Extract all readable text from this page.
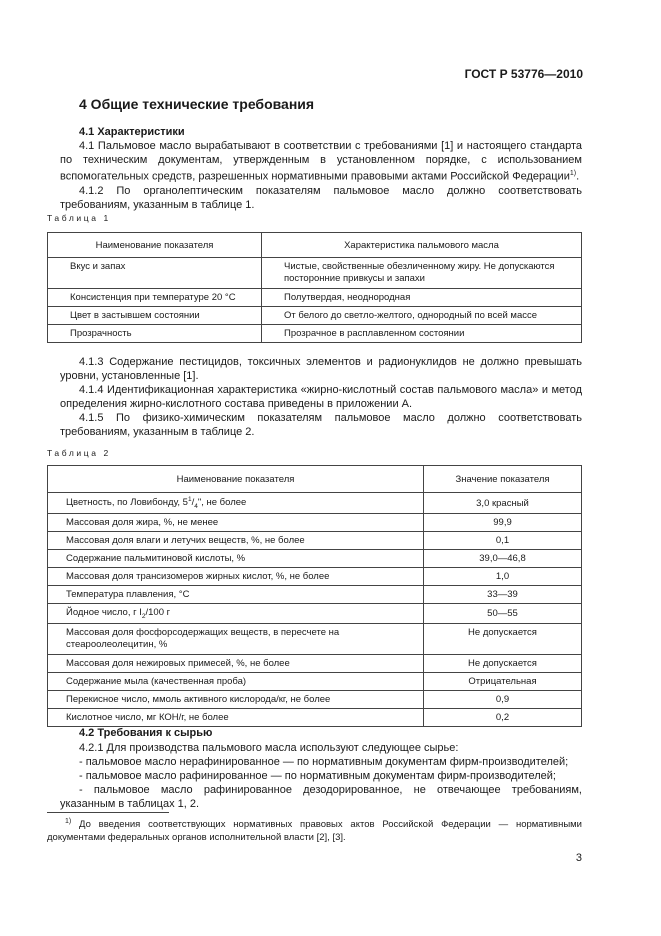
ГОСТ Р 53776—2010
4 Общие технические требования
4.1 Характеристики

4.1 Пальмовое масло вырабатывают в соответствии с требованиями [1] и настоящего стандарта по техническим документам, утвержденным в установленном порядке, с использованием вспомогательных средств, разрешенных нормативными правовыми актами Российской Федерации$^{1)}$.

4.1.2 По органолептическим показателям пальмовое масло должно соответствовать требованиям, указанным в таблице 1.

Таблица 1
Наименование показателя	Характеристика пальмового масла
Вкус и запах	Чистые, свойственные обезличенному жиру. Не допускаются посторонние привкусы и запахи
Консистенция при температуре 20 °С	Полутвердая, неоднородная
Цвет в застывшем состоянии	От белого до светло-желтого, однородный по всей массе
Прозрачность	Прозрачное в расплавленном состоянии

4.1.3 Содержание пестицидов, токсичных элементов и радионуклидов не должно превышать уровни, установленные [1].

4.1.4 Идентификационная характеристика «жирно-кислотный состав пальмового масла» и метод определения жирно-кислотного состава приведены в приложении А.

4.1.5 По физико-химическим показателям пальмовое масло должно соответствовать требованиям, указанным в таблице 2.

Таблица 2
Наименование показателя	Значение показателя
Цветность, по Ловибонду, $5^1/_4$", не более	3,0 красный
Массовая доля жира, %, не менее	99,9
Массовая доля влаги и летучих веществ, %, не более	0,1
Содержание пальмитиновой кислоты, %	39,0—46,8
Массовая доля трансизомеров жирных кислот, %, не более	1,0
Температура плавления, °С	33—39
Йодное число, г $I_2/100$ г	50—55
Массовая доля фосфорсодержащих веществ, в пересчете на стеароолеолецитин, %	Не допускается
Массовая доля нежировых примесей, %, не более	Не допускается
Содержание мыла (качественная проба)	Отрицательная
Перекисное число, ммоль активного кислорода/кг, не более	0,9
Кислотное число, мг КОН/г, не более	0,2
4.2 Требования к сырью

4.2.1 Для производства пальмового масла используют следующее сырье:

- пальмовое масло нерафинированное — по нормативным документам фирм-производителей;

- пальмовое масло рафинированное — по нормативным документам фирм-производителей;

- пальмовое масло рафинированное дезодорированное, не отвечающее требованиям, указанным в таблицах 1, 2.

$^{1)}$ До введения соответствующих нормативных правовых актов Российской Федерации — нормативными документами федеральных органов исполнительной власти [2], [3].

3
